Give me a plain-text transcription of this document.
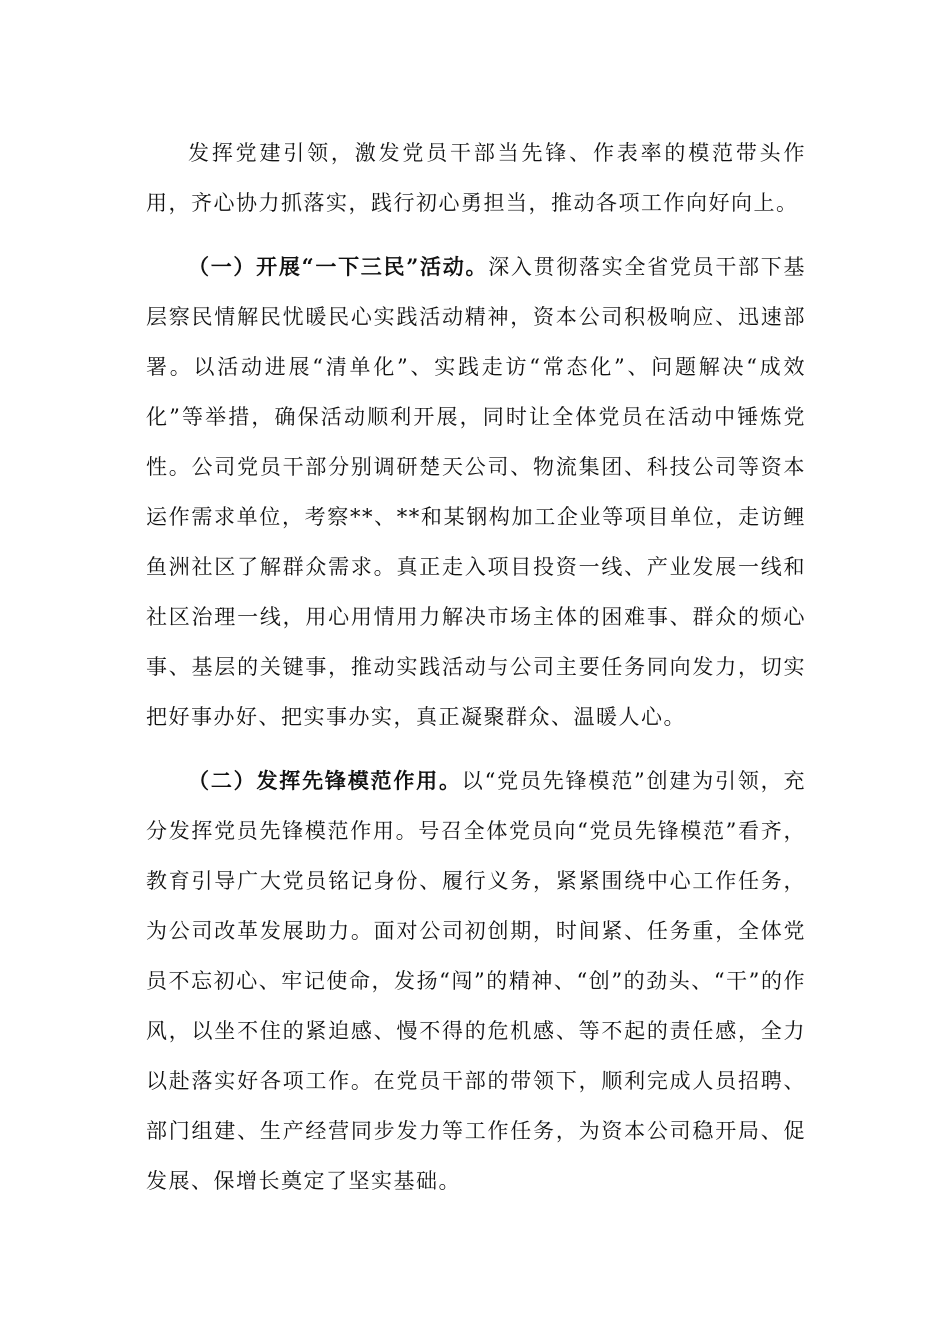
发挥党建引领，激发党员干部当先锋、作表率的模范带头作用，齐心协力抓落实，践行初心勇担当，推动各项工作向好向上。

（一）开展“一下三民”活动。深入贯彻落实全省党员干部下基层察民情解民忧暖民心实践活动精神，资本公司积极响应、迅速部署。以活动进展“清单化”、实践走访“常态化”、问题解决“成效化”等举措，确保活动顺利开展，同时让全体党员在活动中锤炼党性。公司党员干部分别调研楚天公司、物流集团、科技公司等资本运作需求单位，考察**、**和某钢构加工企业等项目单位，走访鲤鱼洲社区了解群众需求。真正走入项目投资一线、产业发展一线和社区治理一线，用心用情用力解决市场主体的困难事、群众的烦心事、基层的关键事，推动实践活动与公司主要任务同向发力，切实把好事办好、把实事办实，真正凝聚群众、温暖人心。

（二）发挥先锋模范作用。以“党员先锋模范”创建为引领，充分发挥党员先锋模范作用。号召全体党员向“党员先锋模范”看齐，教育引导广大党员铭记身份、履行义务，紧紧围绕中心工作任务，为公司改革发展助力。面对公司初创期，时间紧、任务重，全体党员不忘初心、牢记使命，发扬“闯”的精神、“创”的劲头、“干”的作风，以坐不住的紧迫感、慢不得的危机感、等不起的责任感，全力以赴落实好各项工作。在党员干部的带领下，顺利完成人员招聘、部门组建、生产经营同步发力等工作任务，为资本公司稳开局、促发展、保增长奠定了坚实基础。
